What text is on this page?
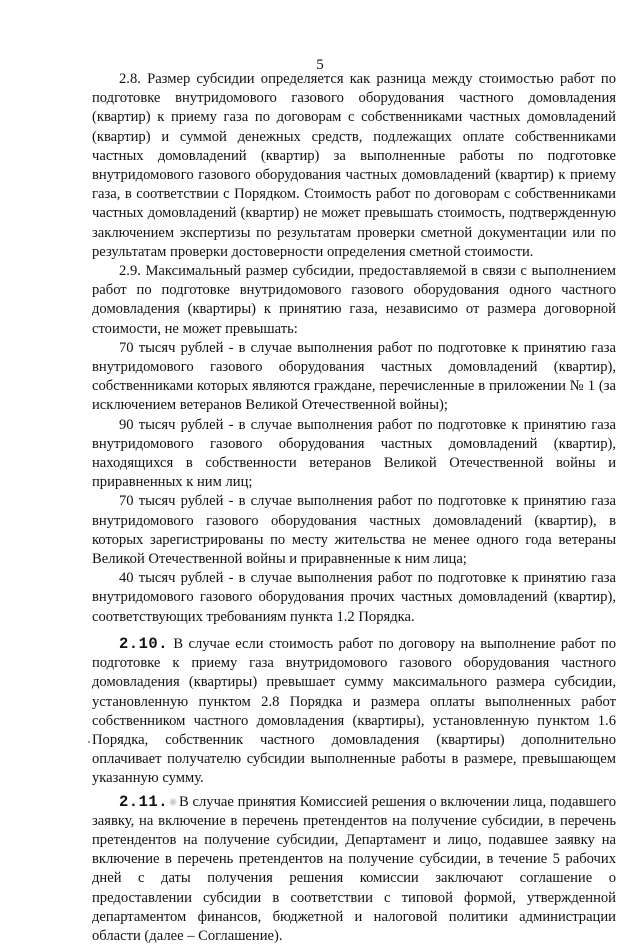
5

2.8. Размер субсидии определяется как разница между стоимостью работ по подготовке внутридомового газового оборудования частного домовладения (квартир) к приему газа по договорам с собственниками частных домовладений (квартир) и суммой денежных средств, подлежащих оплате собственниками частных домовладений (квартир) за выполненные работы по подготовке внутридомового газового оборудования частных домовладений (квартир) к приему газа, в соответствии с Порядком. Стоимость работ по договорам с собственниками частных домовладений (квартир) не может превышать стоимость, подтвержденную заключением экспертизы по результатам проверки сметной документации или по результатам проверки достоверности определения сметной стоимости.

2.9. Максимальный размер субсидии, предоставляемой в связи с выполнением работ по подготовке внутридомового газового оборудования одного частного домовладения (квартиры) к принятию газа, независимо от размера договорной стоимости, не может превышать:

70 тысяч рублей - в случае выполнения работ по подготовке к принятию газа внутридомового газового оборудования частных домовладений (квартир), собственниками которых являются граждане, перечисленные в приложении № 1 (за исключением ветеранов Великой Отечественной войны);

90 тысяч рублей - в случае выполнения работ по подготовке к принятию газа внутридомового газового оборудования частных домовладений (квартир), находящихся в собственности ветеранов Великой Отечественной войны и приравненных к ним лиц;

70 тысяч рублей - в случае выполнения работ по подготовке к принятию газа внутридомового газового оборудования частных домовладений (квартир), в которых зарегистрированы по месту жительства не менее одного года ветераны Великой Отечественной войны и приравненные к ним лица;

40 тысяч рублей - в случае выполнения работ по подготовке к принятию газа внутридомового газового оборудования прочих частных домовладений (квартир), соответствующих требованиям пункта 1.2 Порядка.

2.10. В случае если стоимость работ по договору на выполнение работ по подготовке к приему газа внутридомового газового оборудования частного домовладения (квартиры) превышает сумму максимального размера субсидии, установленную пунктом 2.8 Порядка и размера оплаты выполненных работ собственником частного домовладения (квартиры), установленную пунктом 1.6 Порядка, собственник частного домовладения (квартиры) дополнительно оплачивает получателю субсидии выполненные работы в размере, превышающем указанную сумму.

2.11. В случае принятия Комиссией решения о включении лица, подавшего заявку, на включение в перечень претендентов на получение субсидии, в перечень претендентов на получение субсидии, Департамент и лицо, подавшее заявку на включение в перечень претендентов на получение субсидии, в течение 5 рабочих дней с даты получения решения комиссии заключают соглашение о предоставлении субсидии в соответствии с типовой формой, утвержденной департаментом финансов, бюджетной и налоговой политики администрации области (далее – Соглашение).
